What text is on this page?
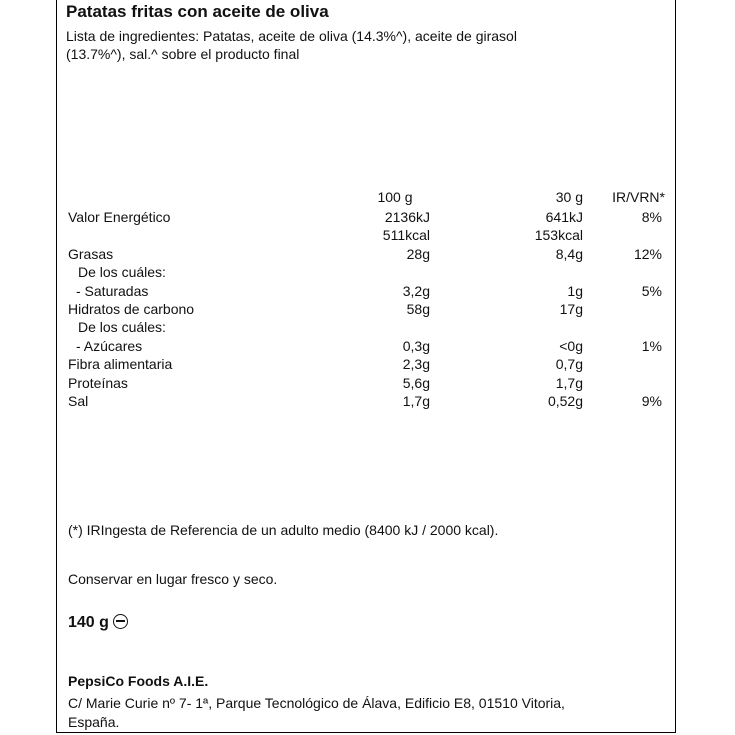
Patatas fritas con aceite de oliva
Lista de ingredientes: Patatas, aceite de oliva (14.3%^), aceite de girasol
(13.7%^), sal.^ sobre el producto final
100 g	30 g	IR/VRN*
Valor Energético	2136kJ	641kJ	8%
511kcal	153kcal
Grasas	28g	8,4g	12%
De los cuáles:
- Saturadas	3,2g	1g	5%
Hidratos de carbono	58g	17g
De los cuáles:
- Azúcares	0,3g	<0g	1%
Fibra alimentaria	2,3g	0,7g
Proteínas	5,6g	1,7g
Sal	1,7g	0,52g	9%
(*) IRIngesta de Referencia de un adulto medio (8400 kJ / 2000 kcal).
Conservar en lugar fresco y seco.
140 g
PepsiCo Foods A.I.E.
C/ Marie Curie nº 7- 1ª, Parque Tecnológico de Álava, Edificio E8, 01510 Vitoria,
España.
